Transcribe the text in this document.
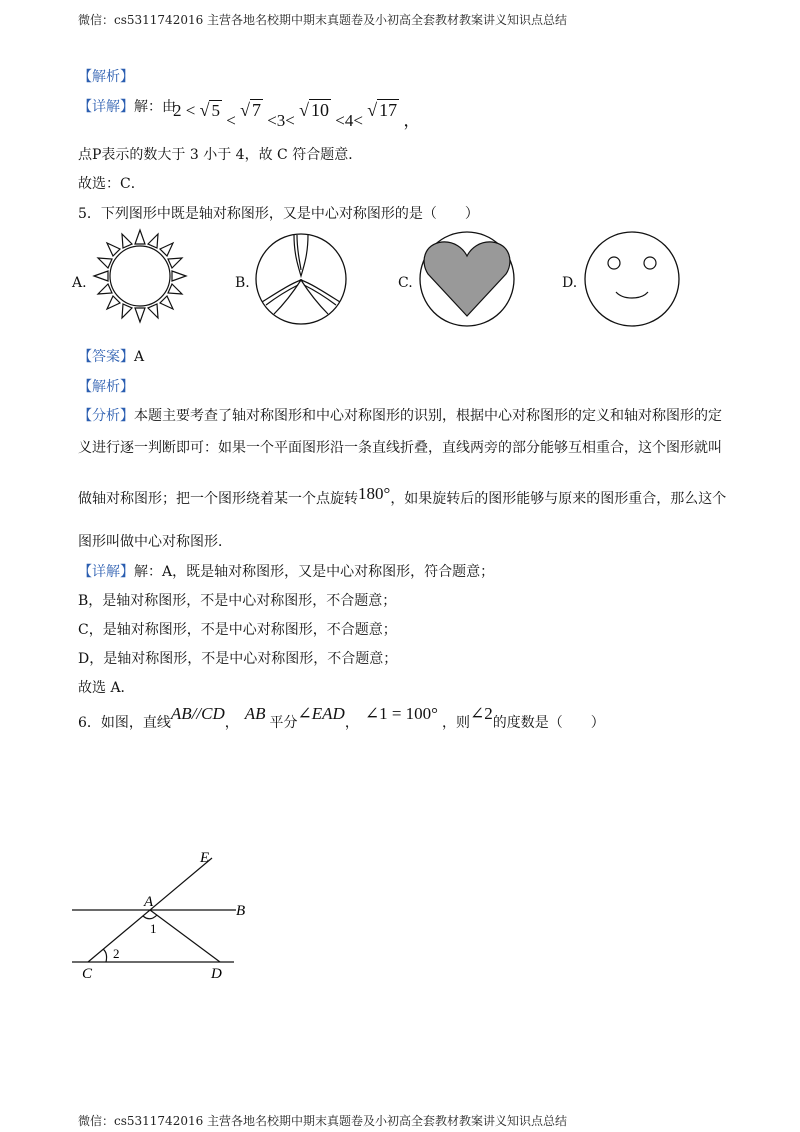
微信：cs5311742016 主营各地名校期中期末真题卷及小初高全套教材教案讲义知识点总结
【解析】
【详解】解：由
2 < √ 5 < √ 7 <3< √ 10 <4< √ 17 ，
点P表示的数大于 3 小于 4，故 C 符合题意．
故选：C．
5．下列图形中既是轴对称图形，又是中心对称图形的是（　　）
A.	B.	C.	D.
【答案】A
【解析】
【分析】本题主要考查了轴对称图形和中心对称图形的识别，根据中心对称图形的定义和轴对称图形的定
义进行逐一判断即可：如果一个平面图形沿一条直线折叠，直线两旁的部分能够互相重合，这个图形就叫
做轴对称图形；把一个图形绕着某一个点旋转180°，如果旋转后的图形能够与原来的图形重合，那么这个
图形叫做中心对称图形．
【详解】解：A，既是轴对称图形，又是中心对称图形，符合题意；
B，是轴对称图形，不是中心对称图形，不合题意；
C，是轴对称图形，不是中心对称图形，不合题意；
D，是轴对称图形，不是中心对称图形，不合题意；
故选 A．
6．如图，直线AB//CD， AB 平分∠EAD， ∠1 = 100° ，则∠2的度数是（　　）
E
A
B
1
2
C	D
微信：cs5311742016 主营各地名校期中期末真题卷及小初高全套教材教案讲义知识点总结
